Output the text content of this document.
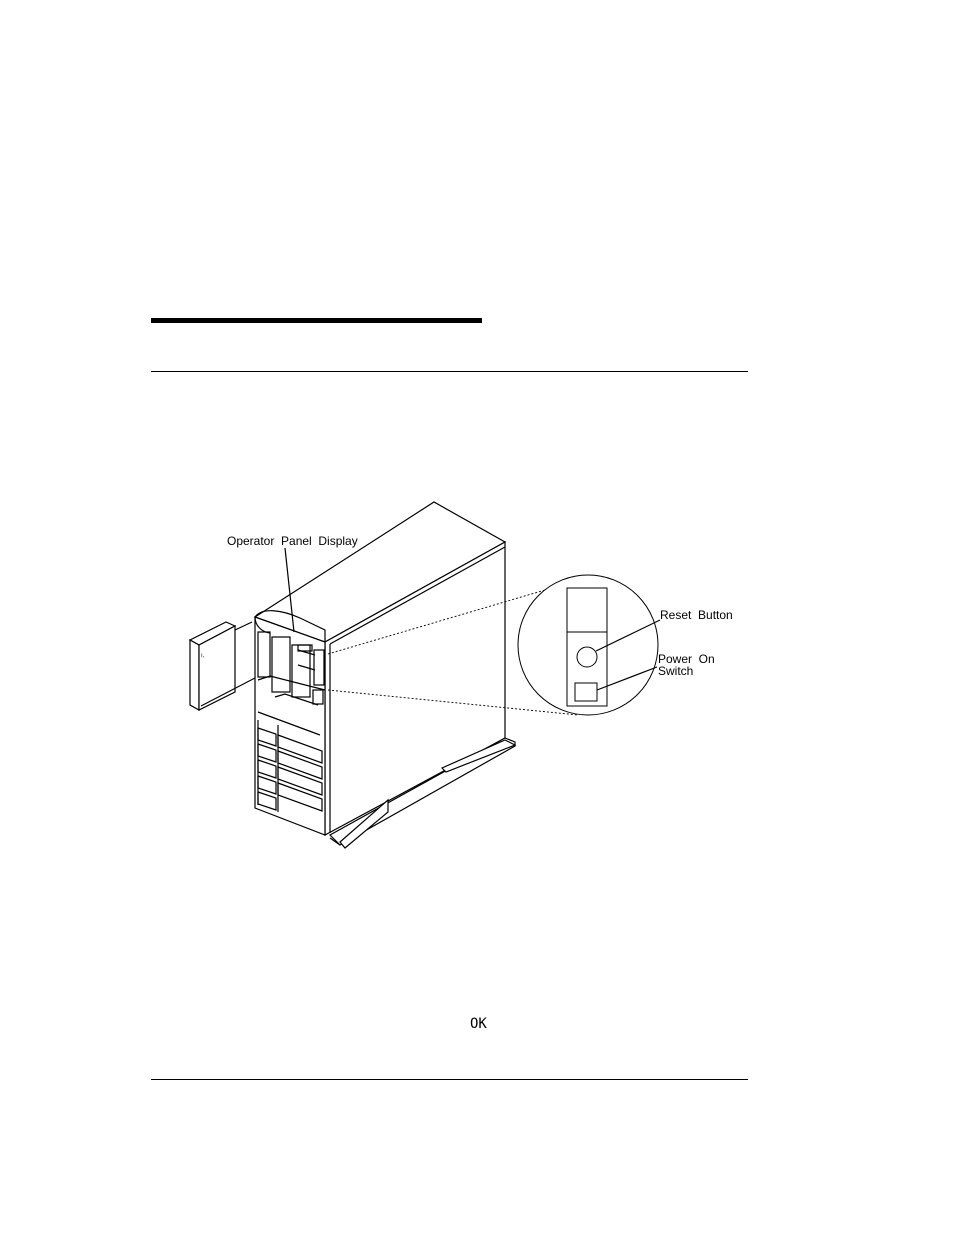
ı,
Operator  Panel  Display
Reset  Button
Power  On
Switch
OK
